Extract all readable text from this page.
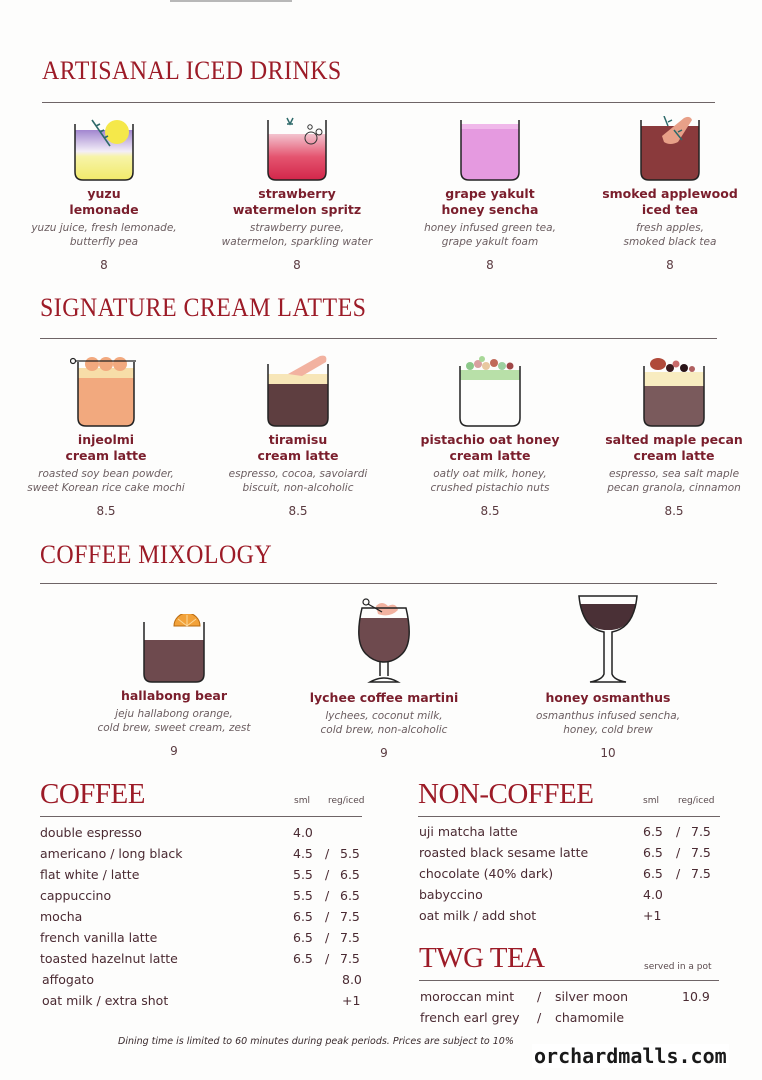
ARTISANAL ICED DRINKS
yuzu
lemonade
yuzu juice, fresh lemonade,
butterfly pea
8
strawberry
watermelon spritz
strawberry puree,
watermelon, sparkling water
8
grape yakult
honey sencha
honey infused green tea,
grape yakult foam
8
smoked applewood
iced tea
fresh apples,
smoked black tea
8
SIGNATURE CREAM LATTES
injeolmi
cream latte
roasted soy bean powder,
sweet Korean rice cake mochi
8.5
tiramisu
cream latte
espresso, cocoa, savoiardi
biscuit, non-alcoholic
8.5
pistachio oat honey
cream latte
oatly oat milk, honey,
crushed pistachio nuts
8.5
salted maple pecan
cream latte
espresso, sea salt maple
pecan granola, cinnamon
8.5
COFFEE MIXOLOGY
hallabong bear
jeju hallabong orange,
cold brew, sweet cream, zest
9
lychee coffee martini
lychees, coconut milk,
cold brew, non-alcoholic
9
honey osmanthus
osmanthus infused sencha,
honey, cold brew
10
COFFEE	sml reg/iced
double espresso	4.0
americano / long black	4.5 / 5.5
flat white / latte	5.5 / 6.5
cappuccino	5.5 / 6.5
mocha	6.5 / 7.5
french vanilla latte	6.5 / 7.5
toasted hazelnut latte	6.5 / 7.5
affogato	8.0
oat milk / extra shot	+1
NON-COFFEE	sml reg/iced
uji matcha latte	6.5 / 7.5
roasted black sesame latte	6.5 / 7.5
chocolate (40% dark)	6.5 / 7.5
babyccino	4.0
oat milk / add shot	+1
TWG TEA	served in a pot
moroccan mint / silver moon	10.9
french earl grey / chamomile
Dining time is limited to 60 minutes during peak periods. Prices are subject to 10%
orchardmalls.com
